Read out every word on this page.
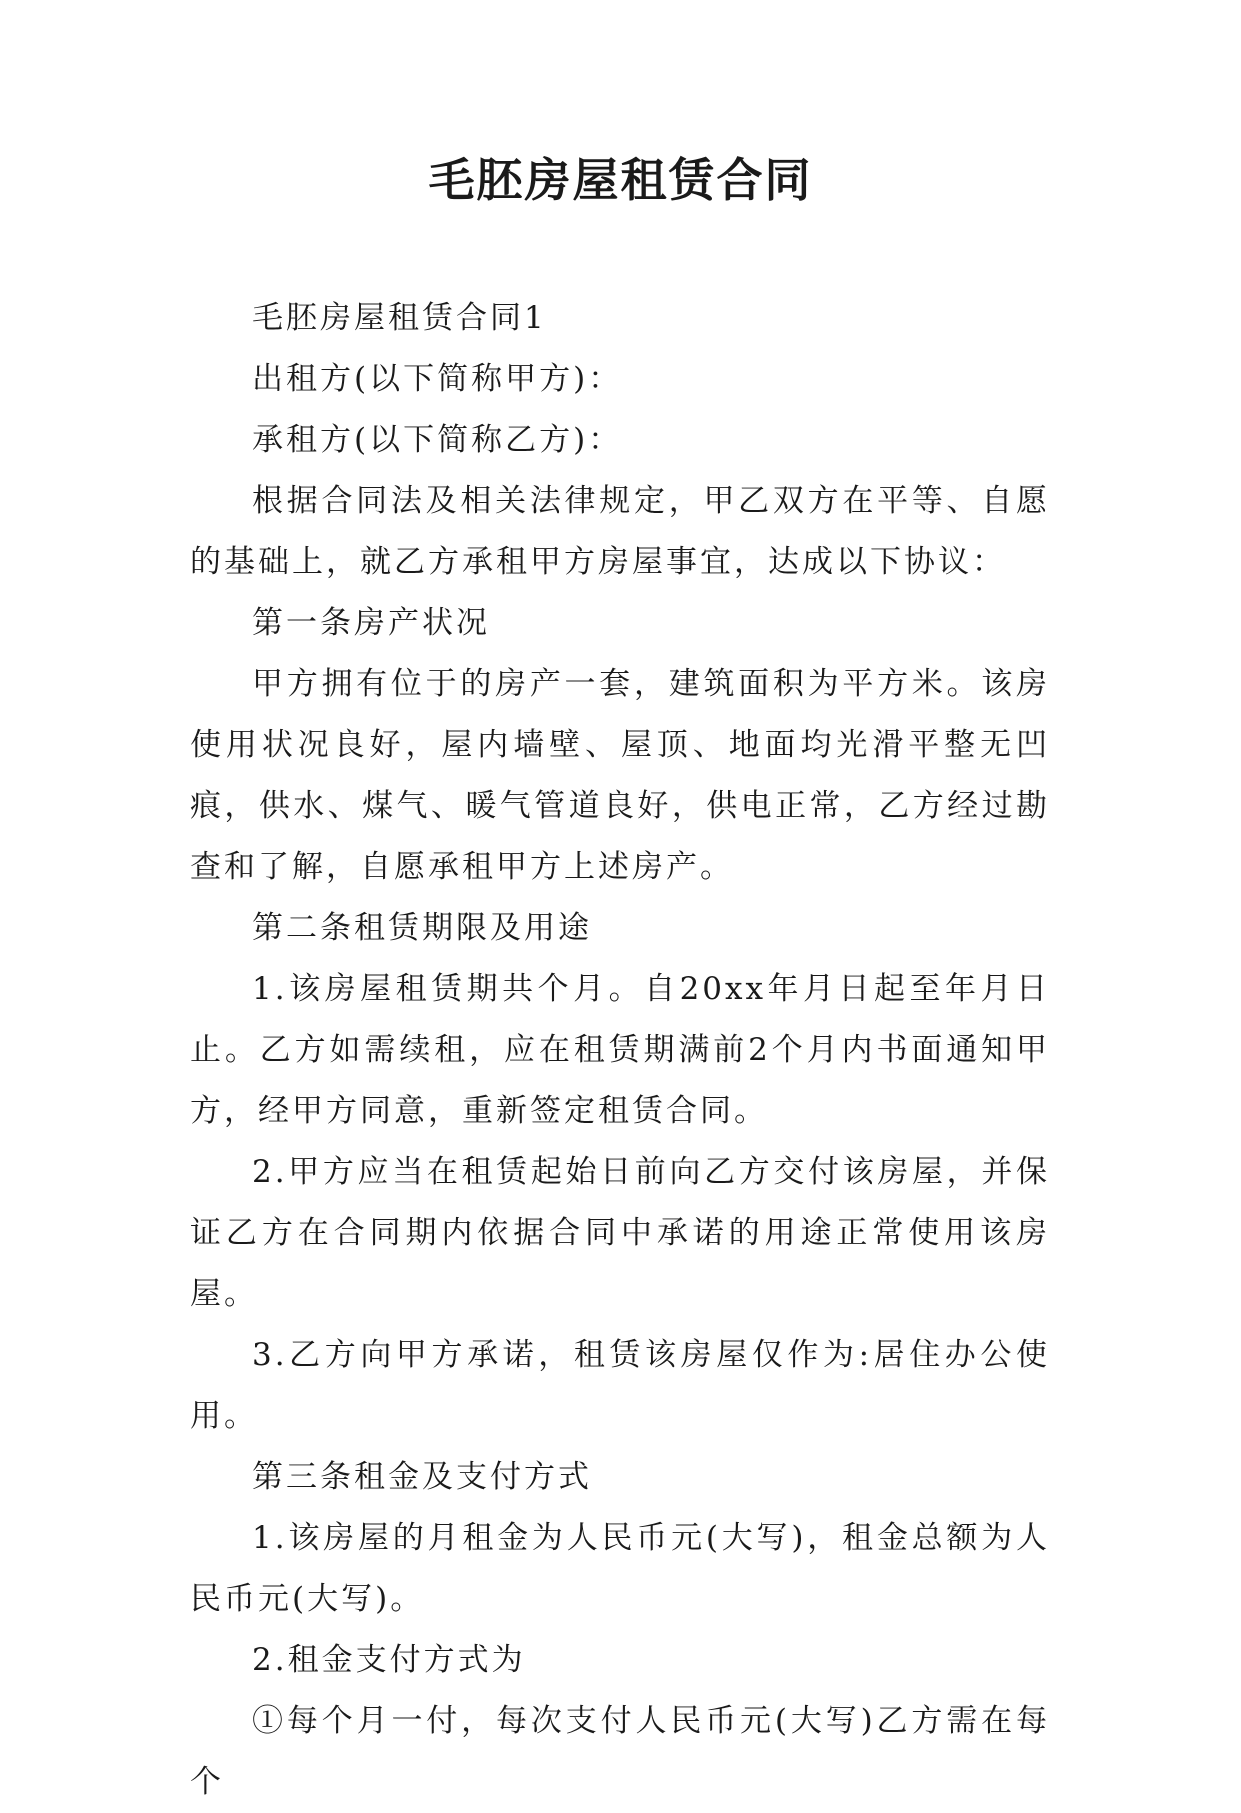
毛胚房屋租赁合同

毛胚房屋租赁合同1

出租方(以下简称甲方)：

承租方(以下简称乙方)：

根据合同法及相关法律规定，甲乙双方在平等、自愿的基础上，就乙方承租甲方房屋事宜，达成以下协议：

第一条房产状况

甲方拥有位于的房产一套，建筑面积为平方米。该房使用状况良好，屋内墙壁、屋顶、地面均光滑平整无凹痕，供水、煤气、暖气管道良好，供电正常，乙方经过勘查和了解，自愿承租甲方上述房产。

第二条租赁期限及用途

1.该房屋租赁期共个月。自20xx年月日起至年月日止。乙方如需续租，应在租赁期满前2个月内书面通知甲方，经甲方同意，重新签定租赁合同。

2.甲方应当在租赁起始日前向乙方交付该房屋，并保证乙方在合同期内依据合同中承诺的用途正常使用该房屋。

3.乙方向甲方承诺，租赁该房屋仅作为:居住办公使用。

第三条租金及支付方式

1.该房屋的月租金为人民币元(大写)，租金总额为人民币元(大写)。

2.租金支付方式为

①每个月一付，每次支付人民币元(大写)乙方需在每个
